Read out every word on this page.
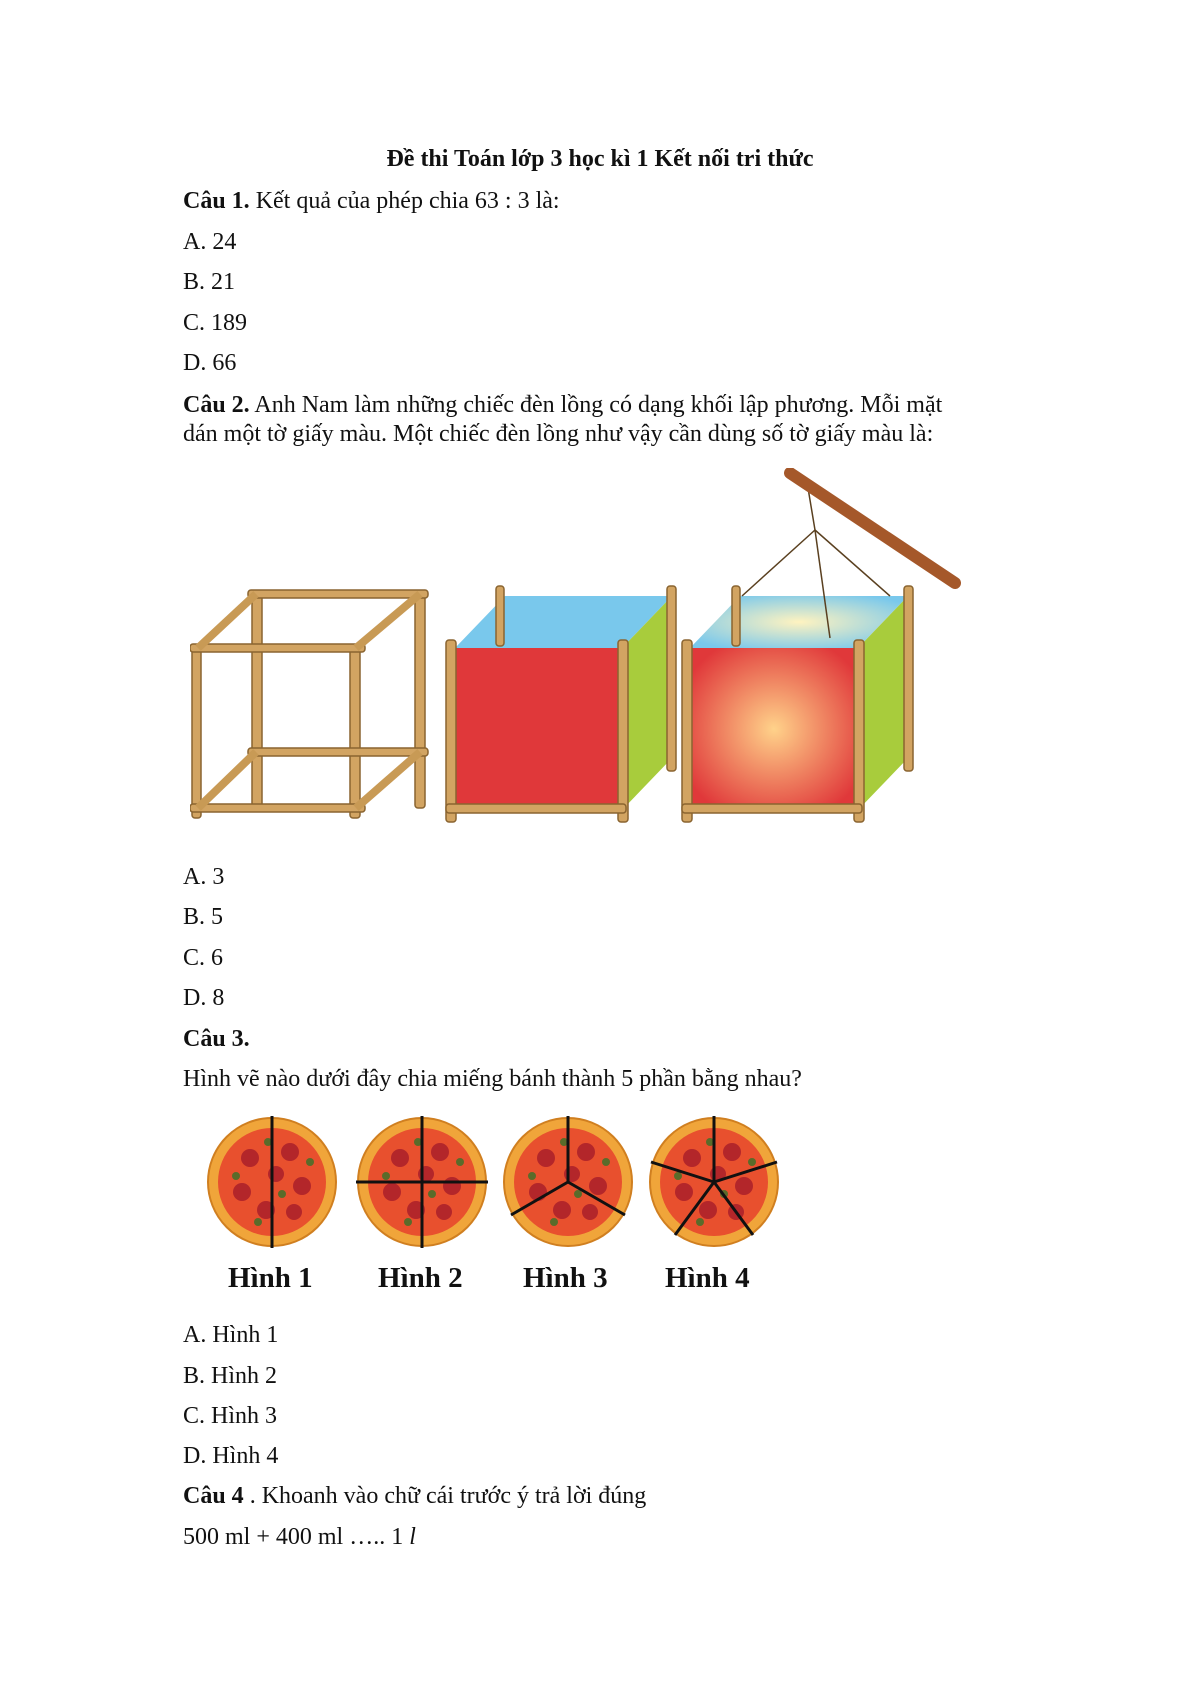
Đề thi Toán lớp 3 học kì 1 Kết nối tri thức
Câu 1. Kết quả của phép chia 63 : 3 là:
A. 24
B. 21
C. 189
D. 66
Câu 2. Anh Nam làm những chiếc đèn lồng có dạng khối lập phương. Mỗi mặt
dán một tờ giấy màu. Một chiếc đèn lồng như vậy cần dùng số tờ giấy màu là:
A. 3
B. 5
C. 6
D. 8
Câu 3.
Hình vẽ nào dưới đây chia miếng bánh thành 5 phần bằng nhau?
Hình 1 Hình 2 Hình 3 Hình 4
A. Hình 1
B. Hình 2
C. Hình 3
D. Hình 4
Câu 4 . Khoanh vào chữ cái trước ý trả lời đúng
500 ml + 400 ml ….. 1 l
